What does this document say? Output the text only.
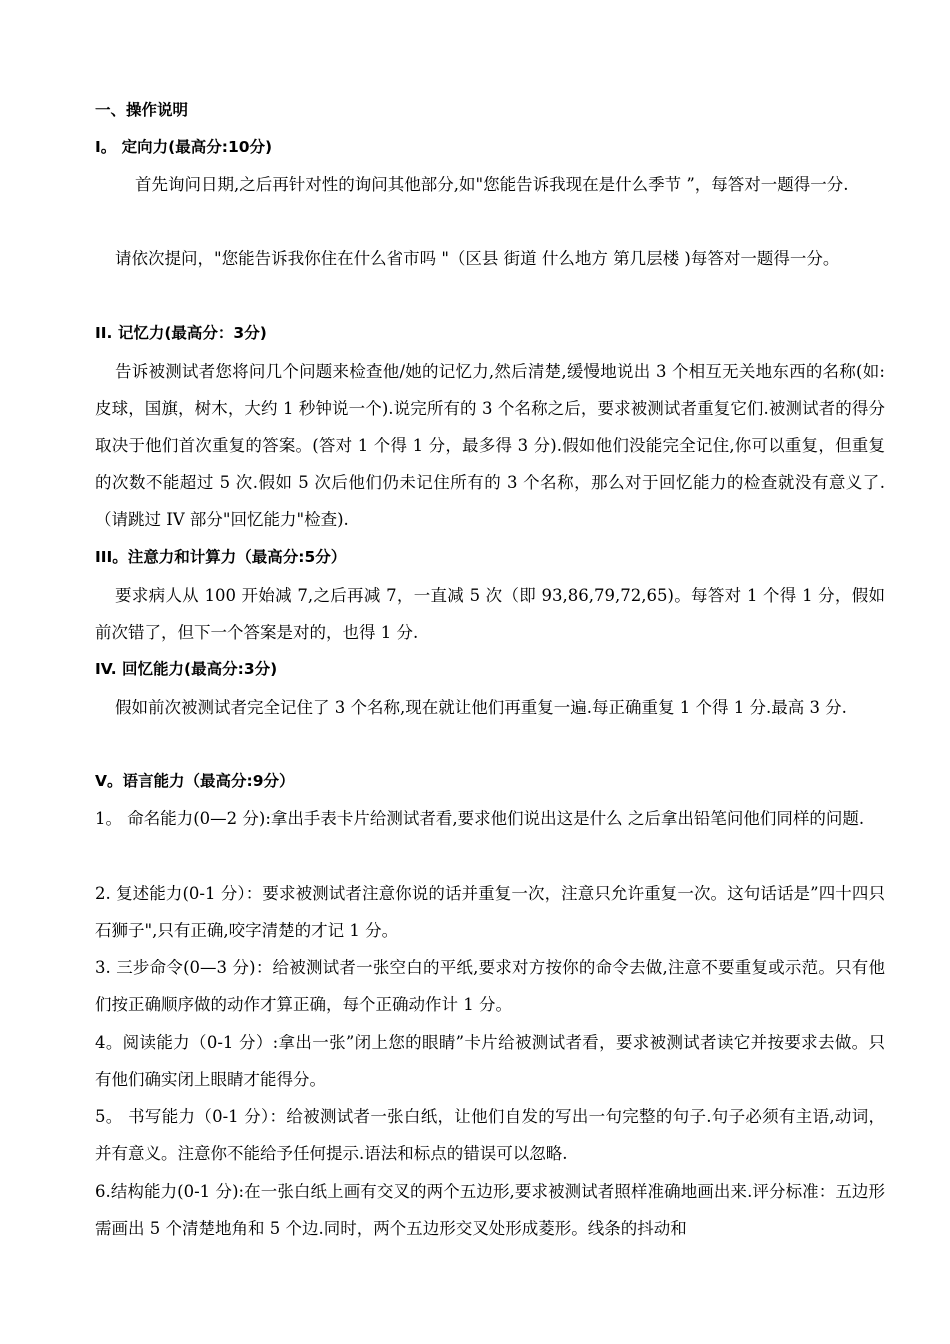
一、操作说明
I。 定向力(最高分:10分)

首先询问日期,之后再针对性的询问其他部分,如"您能告诉我现在是什么季节 ”，每答对一题得一分.

请依次提问，"您能告诉我你住在什么省市吗 "（区县 街道 什么地方 第几层楼 )每答对一题得一分。

II. 记忆力(最高分：3分)

告诉被测试者您将问几个问题来检查他/她的记忆力,然后清楚,缓慢地说出 3 个相互无关地东西的名称(如:皮球，国旗，树木，大约 1 秒钟说一个).说完所有的 3 个名称之后，要求被测试者重复它们.被测试者的得分取决于他们首次重复的答案。(答对 1 个得 1 分，最多得 3 分).假如他们没能完全记住,你可以重复，但重复的次数不能超过 5 次.假如 5 次后他们仍未记住所有的 3 个名称，那么对于回忆能力的检查就没有意义了.（请跳过 IV 部分"回忆能力"检查).

III。注意力和计算力（最高分:5分）

要求病人从 100 开始减 7,之后再减 7，一直减 5 次（即 93,86,79,72,65)。每答对 1 个得 1 分，假如前次错了，但下一个答案是对的，也得 1 分.

IV. 回忆能力(最高分:3分)

假如前次被测试者完全记住了 3 个名称,现在就让他们再重复一遍.每正确重复 1 个得 1 分.最高 3 分.

V。语言能力（最高分:9分）

1。 命名能力(0—2 分):拿出手表卡片给测试者看,要求他们说出这是什么 之后拿出铅笔问他们同样的问题.

2. 复述能力(0-1 分）：要求被测试者注意你说的话并重复一次，注意只允许重复一次。这句话话是”四十四只石狮子",只有正确,咬字清楚的才记 1 分。

3. 三步命令(0—3 分)：给被测试者一张空白的平纸,要求对方按你的命令去做,注意不要重复或示范。只有他们按正确顺序做的动作才算正确，每个正确动作计 1 分。

4。阅读能力（0-1 分）:拿出一张”闭上您的眼睛”卡片给被测试者看，要求被测试者读它并按要求去做。只有他们确实闭上眼睛才能得分。

5。 书写能力（0-1 分）：给被测试者一张白纸，让他们自发的写出一句完整的句子.句子必须有主语,动词，并有意义。注意你不能给予任何提示.语法和标点的错误可以忽略.

6.结构能力(0-1 分):在一张白纸上画有交叉的两个五边形,要求被测试者照样准确地画出来.评分标准：五边形需画出 5 个清楚地角和 5 个边.同时，两个五边形交叉处形成菱形。线条的抖动和
